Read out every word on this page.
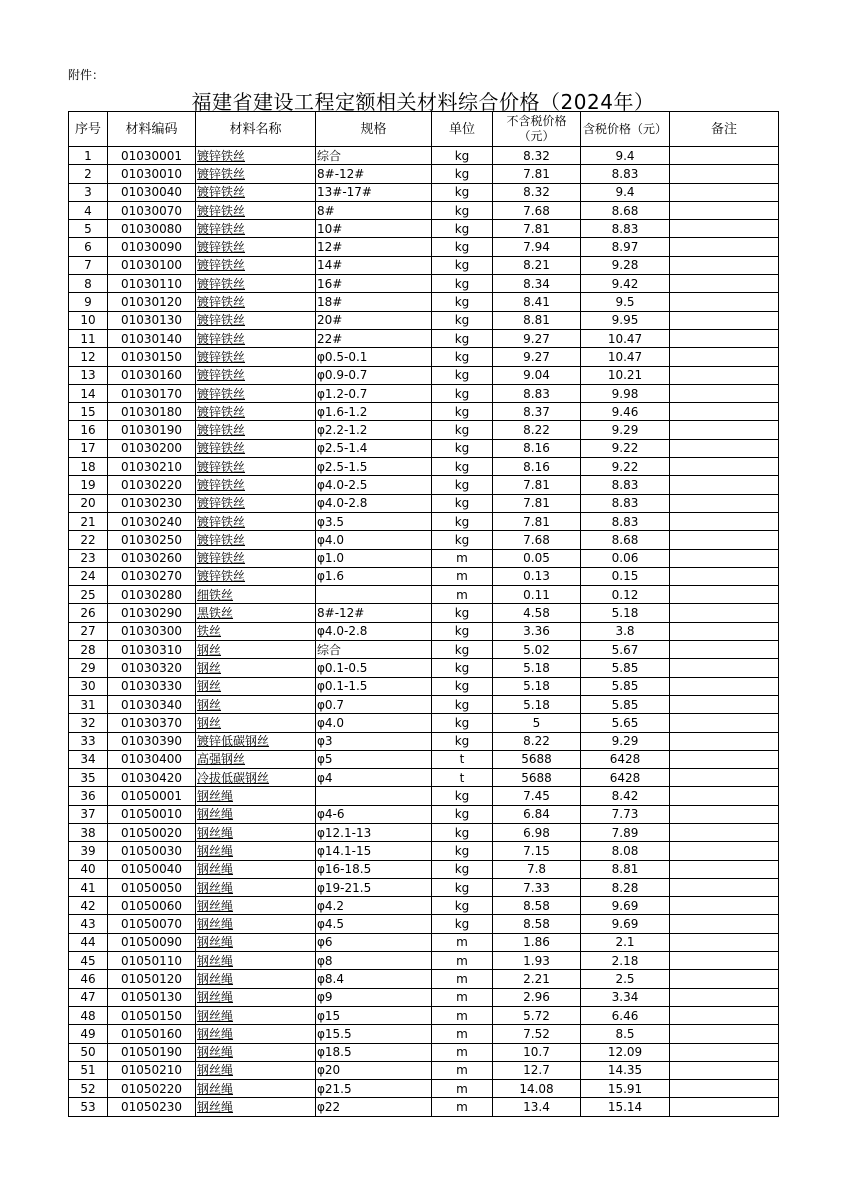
附件：
福建省建设工程定额相关材料综合价格（2024年）
序号	材料编码	材料名称	规格	单位	不含税价格（元）	含税价格（元）	备注
1	01030001	镀锌铁丝	综合	kg	8.32	9.4	
2	01030010	镀锌铁丝	8#-12#	kg	7.81	8.83	
3	01030040	镀锌铁丝	13#-17#	kg	8.32	9.4	
4	01030070	镀锌铁丝	8#	kg	7.68	8.68	
5	01030080	镀锌铁丝	10#	kg	7.81	8.83	
6	01030090	镀锌铁丝	12#	kg	7.94	8.97	
7	01030100	镀锌铁丝	14#	kg	8.21	9.28	
8	01030110	镀锌铁丝	16#	kg	8.34	9.42	
9	01030120	镀锌铁丝	18#	kg	8.41	9.5	
10	01030130	镀锌铁丝	20#	kg	8.81	9.95	
11	01030140	镀锌铁丝	22#	kg	9.27	10.47	
12	01030150	镀锌铁丝	φ0.5-0.1	kg	9.27	10.47	
13	01030160	镀锌铁丝	φ0.9-0.7	kg	9.04	10.21	
14	01030170	镀锌铁丝	φ1.2-0.7	kg	8.83	9.98	
15	01030180	镀锌铁丝	φ1.6-1.2	kg	8.37	9.46	
16	01030190	镀锌铁丝	φ2.2-1.2	kg	8.22	9.29	
17	01030200	镀锌铁丝	φ2.5-1.4	kg	8.16	9.22	
18	01030210	镀锌铁丝	φ2.5-1.5	kg	8.16	9.22	
19	01030220	镀锌铁丝	φ4.0-2.5	kg	7.81	8.83	
20	01030230	镀锌铁丝	φ4.0-2.8	kg	7.81	8.83	
21	01030240	镀锌铁丝	φ3.5	kg	7.81	8.83	
22	01030250	镀锌铁丝	φ4.0	kg	7.68	8.68	
23	01030260	镀锌铁丝	φ1.0	m	0.05	0.06	
24	01030270	镀锌铁丝	φ1.6	m	0.13	0.15	
25	01030280	细铁丝		m	0.11	0.12	
26	01030290	黑铁丝	8#-12#	kg	4.58	5.18	
27	01030300	铁丝	φ4.0-2.8	kg	3.36	3.8	
28	01030310	钢丝	综合	kg	5.02	5.67	
29	01030320	钢丝	φ0.1-0.5	kg	5.18	5.85	
30	01030330	钢丝	φ0.1-1.5	kg	5.18	5.85	
31	01030340	钢丝	φ0.7	kg	5.18	5.85	
32	01030370	钢丝	φ4.0	kg	5	5.65	
33	01030390	镀锌低碳钢丝	φ3	kg	8.22	9.29	
34	01030400	高强钢丝	φ5	t	5688	6428	
35	01030420	冷拔低碳钢丝	φ4	t	5688	6428	
36	01050001	钢丝绳		kg	7.45	8.42	
37	01050010	钢丝绳	φ4-6	kg	6.84	7.73	
38	01050020	钢丝绳	φ12.1-13	kg	6.98	7.89	
39	01050030	钢丝绳	φ14.1-15	kg	7.15	8.08	
40	01050040	钢丝绳	φ16-18.5	kg	7.8	8.81	
41	01050050	钢丝绳	φ19-21.5	kg	7.33	8.28	
42	01050060	钢丝绳	φ4.2	kg	8.58	9.69	
43	01050070	钢丝绳	φ4.5	kg	8.58	9.69	
44	01050090	钢丝绳	φ6	m	1.86	2.1	
45	01050110	钢丝绳	φ8	m	1.93	2.18	
46	01050120	钢丝绳	φ8.4	m	2.21	2.5	
47	01050130	钢丝绳	φ9	m	2.96	3.34	
48	01050150	钢丝绳	φ15	m	5.72	6.46	
49	01050160	钢丝绳	φ15.5	m	7.52	8.5	
50	01050190	钢丝绳	φ18.5	m	10.7	12.09	
51	01050210	钢丝绳	φ20	m	12.7	14.35	
52	01050220	钢丝绳	φ21.5	m	14.08	15.91	
53	01050230	钢丝绳	φ22	m	13.4	15.14	
